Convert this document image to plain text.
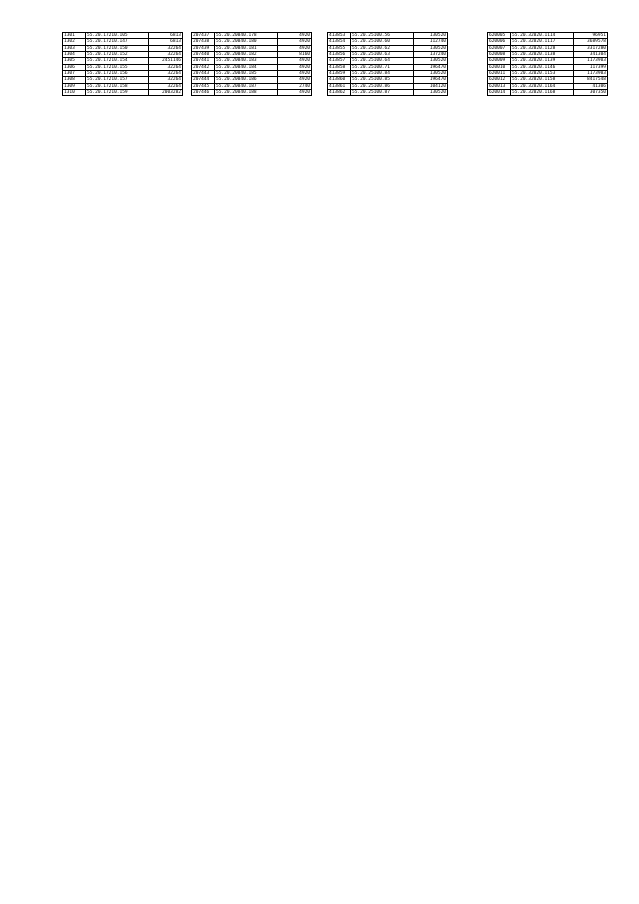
1301	55.20.17210.105	6813
1302	55.20.17210.147	6813
1303	55.20.17210.150	32264
1304	55.20.17210.152	32264
1305	55.20.17210.154	2451146
1306	55.20.17210.155	32264
1307	55.20.17210.156	32264
1308	55.20.17210.157	32264
1309	55.20.17210.158	32264
1310	55.20.17210.159	2003282
207437	55.20.20040.178	4920
207438	55.20.20040.180	4920
207439	55.20.20040.181	4920
207440	55.20.20040.182	8160
207441	55.20.20040.183	4920
207442	55.20.20040.184	4920
207443	55.20.20040.185	4920
207444	55.20.20040.186	4920
207445	55.20.20040.187	2740
207446	55.20.20040.188	4920
413853	55.20.25100.56	130520
413854	55.20.25100.60	112740
413855	55.20.25100.62	130520
413856	55.20.25100.63	137240
413857	55.20.25100.64	130520
413858	55.20.25100.71	196470
413859	55.20.25100.84	130520
413860	55.20.25100.85	196470
413861	55.20.25100.86	104120
413862	55.20.25100.87	130520
620005	55.20.32020.1114	96951
620006	55.20.32020.1117	3689578
620007	55.20.32020.1128	3317280
620008	55.20.32020.1138	341304
620009	55.20.32020.1139	1173903
620010	55.20.32020.1146	117399
620011	55.20.32020.1153	1173903
620012	55.20.32020.1158	8417548
620013	55.20.32020.1164	41306
620014	55.20.32020.1168	307350
